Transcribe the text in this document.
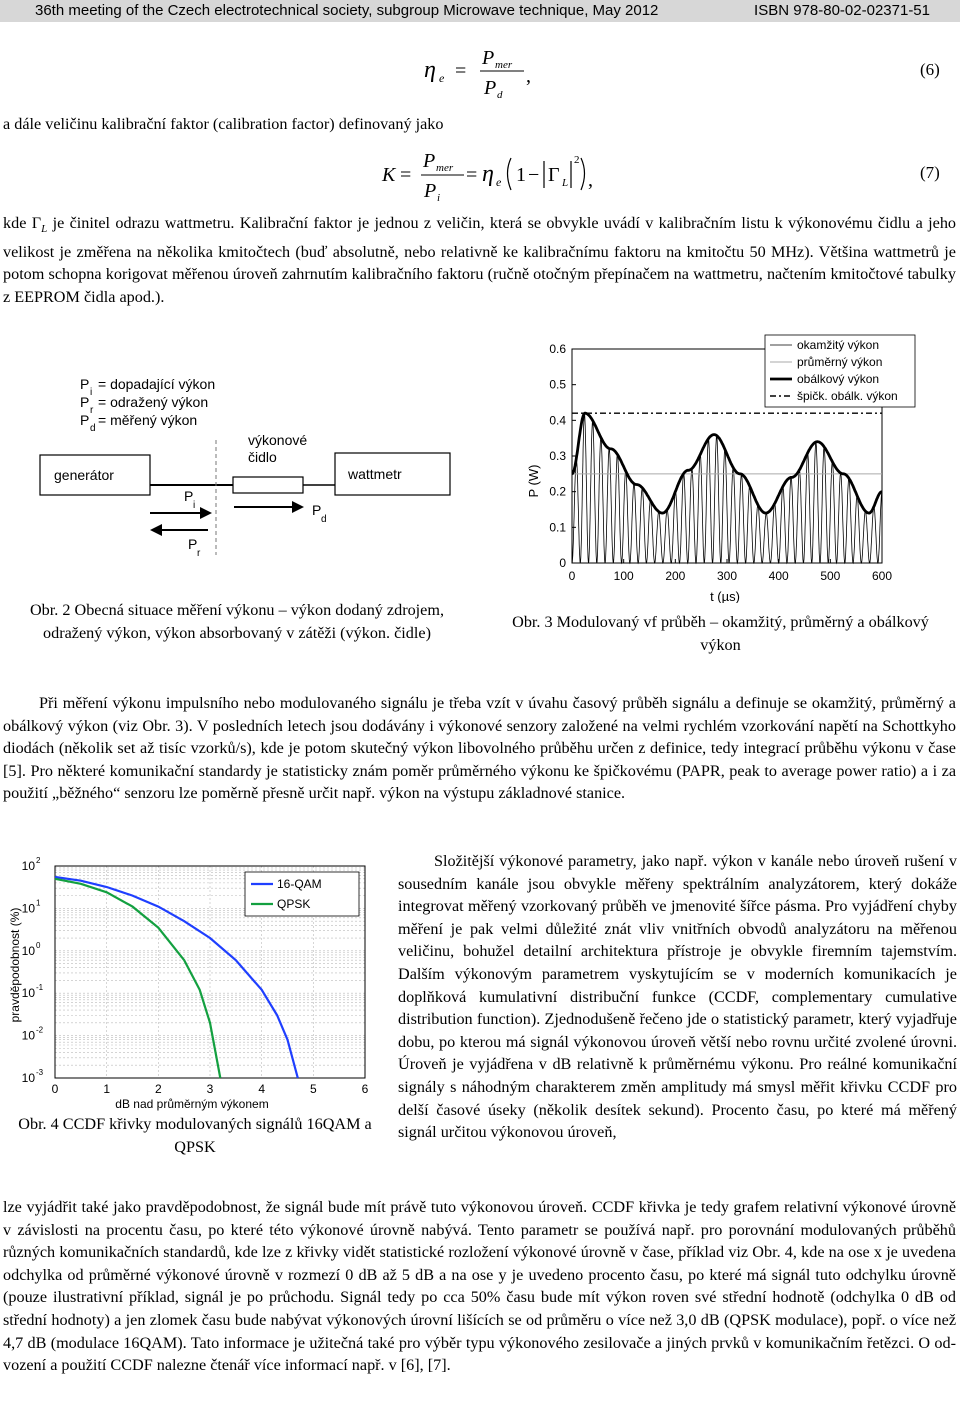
36th meeting of the Czech electrotechnical society, subgroup Microwave technique, May 2012	ISBN 978-80-02-02371-51
η e =
P mer
P d
,	(6)
a dále veličinu kalibrační faktor (calibration factor) definovaný jako
K =
P mer
P i
= η e 1 − Γ L
2
,	(7)
kde $\Gamma_L$ je činitel odrazu wattmetru. Kalibrační faktor je jednou z veličin, která se obvykle uvádí v kalibračním listu k výkonovému čidlu a jeho velikost je změřena na několika kmitočtech (buď absolutně, nebo relativně ke kalibračnímu faktoru na kmitočtu 50 MHz). Většina wattmetrů je potom schopna korigovat měřenou úroveň zahrnutím kalibračního faktoru (ručně otočným přepínačem na wattmetru, načtením kmitočtové tabulky z EEPROM čidla apod.).
P
i
= dopadající výkon
P
r
= odražený výkon
P
d
= měřený výkon
generátor
výkonové
čidlo
wattmetr
P
i	P
d
P
r
Obr. 2 Obecná situace měření výkonu – výkon dodaný zdrojem, odražený výkon, výkon absorbovaný v zátěži (výkon. čidle)
P (W)
t (µs)
0
0.1
0.2
0.3
0.4
0.5
0.6
0	100	200	300	400	500	600
okamžitý výkon
průměrný výkon
obálkový výkon
špičk. obálk. výkon
Obr. 3 Modulovaný vf průběh – okamžitý, průměrný a obálkový výkon
Při měření výkonu impulsního nebo modulovaného signálu je třeba vzít v úvahu časový průběh signálu a definuje se okamžitý, průměrný a obálkový výkon (viz Obr. 3). V posledních letech jsou dodávány i výkonové senzory založené na velmi rychlém vzorkování napětí na Schottkyho diodách (několik set až tisíc vzorků/s), kde je potom skutečný výkon libovolného průběhu určen z definice, tedy integrací průběhu výkonu v čase [5]. Pro některé komunikační standardy je statisticky znám poměr průměrného výkonu ke špičkovému (PAPR, peak to average power ratio) a i za použití „běžného“ senzoru lze poměrně přesně určit např. výkon na výstupu základnové stanice.
pravděpodobnost (%)
dB nad průměrným výkonem
10 -3
10 -2
10 -1
10 0
10 1
10 2
0	1	2	3	4	5	6
16-QAM
QPSK
Obr. 4 CCDF křivky modulovaných signálů 16QAM a QPSK
Složitější výkonové parametry, jako např. výkon v kanále nebo úroveň rušení v sousedním kanále jsou obvykle měřeny spektrálním analyzátorem, který dokáže integrovat měřený vzorkovaný průběh ve jmenovité šířce pásma. Pro vyjádření chyby měření je pak velmi důležité znát vliv vnitřních obvodů analyzátoru na měřenou veličinu, bohužel detailní architektura přístroje je obvykle firemním tajemstvím. Dalším výkonovým parametrem vyskytujícím se v moderních komunikacích je doplňková kumulativní distribuční funkce (CCDF, complementary cumulative distribution function). Zjednodušeně řečeno jde o statistický parametr, který vyjadřuje dobu, po kterou má signál výkonovou úroveň větší nebo rovnu určité zvolené úrovni. Úroveň je vyjádřena v dB relativně k průměrnému výkonu. Pro reálné komunikační signály s náhodným charakterem změn amplitudy má smysl měřit křivku CCDF pro delší časové úseky (několik desítek sekund). Procento času, po které má měřený signál určitou výkonovou úroveň,
lze vyjádřit také jako pravděpodobnost, že signál bude mít právě tuto výkonovou úroveň. CCDF křivka je tedy grafem relativní výkonové úrovně v závislosti na procentu času, po které této výkonové úrovně nabývá. Tento parametr se používá např. pro porovnání modulovaných průběhů různých komunikačních standardů, kde lze z křivky vidět statistické rozložení výkonové úrovně v čase, příklad viz Obr. 4, kde na ose x je uvedena odchylka od průměrné výkonové úrovně v rozmezí 0 dB až 5 dB a na ose y je uvedeno procento času, po které má signál tuto odchylku úrovně (pouze ilustrativní příklad, signál je po průchodu. Signál tedy po cca 50% času bude mít výkon roven své střední hodnotě (odchylka 0 dB od střední hodnoty) a jen zlomek času bude nabývat výkonových úrovní lišících se od průměru o více než 3,0 dB (QPSK modulace), popř. o více než 4,7 dB (modulace 16QAM). Tato informace je užitečná také pro výběr typu výkonového zesilovače a jiných prvků v komunikačním řetězci. O od-vození a použití CCDF nalezne čtenář více informací např. v [6], [7].
